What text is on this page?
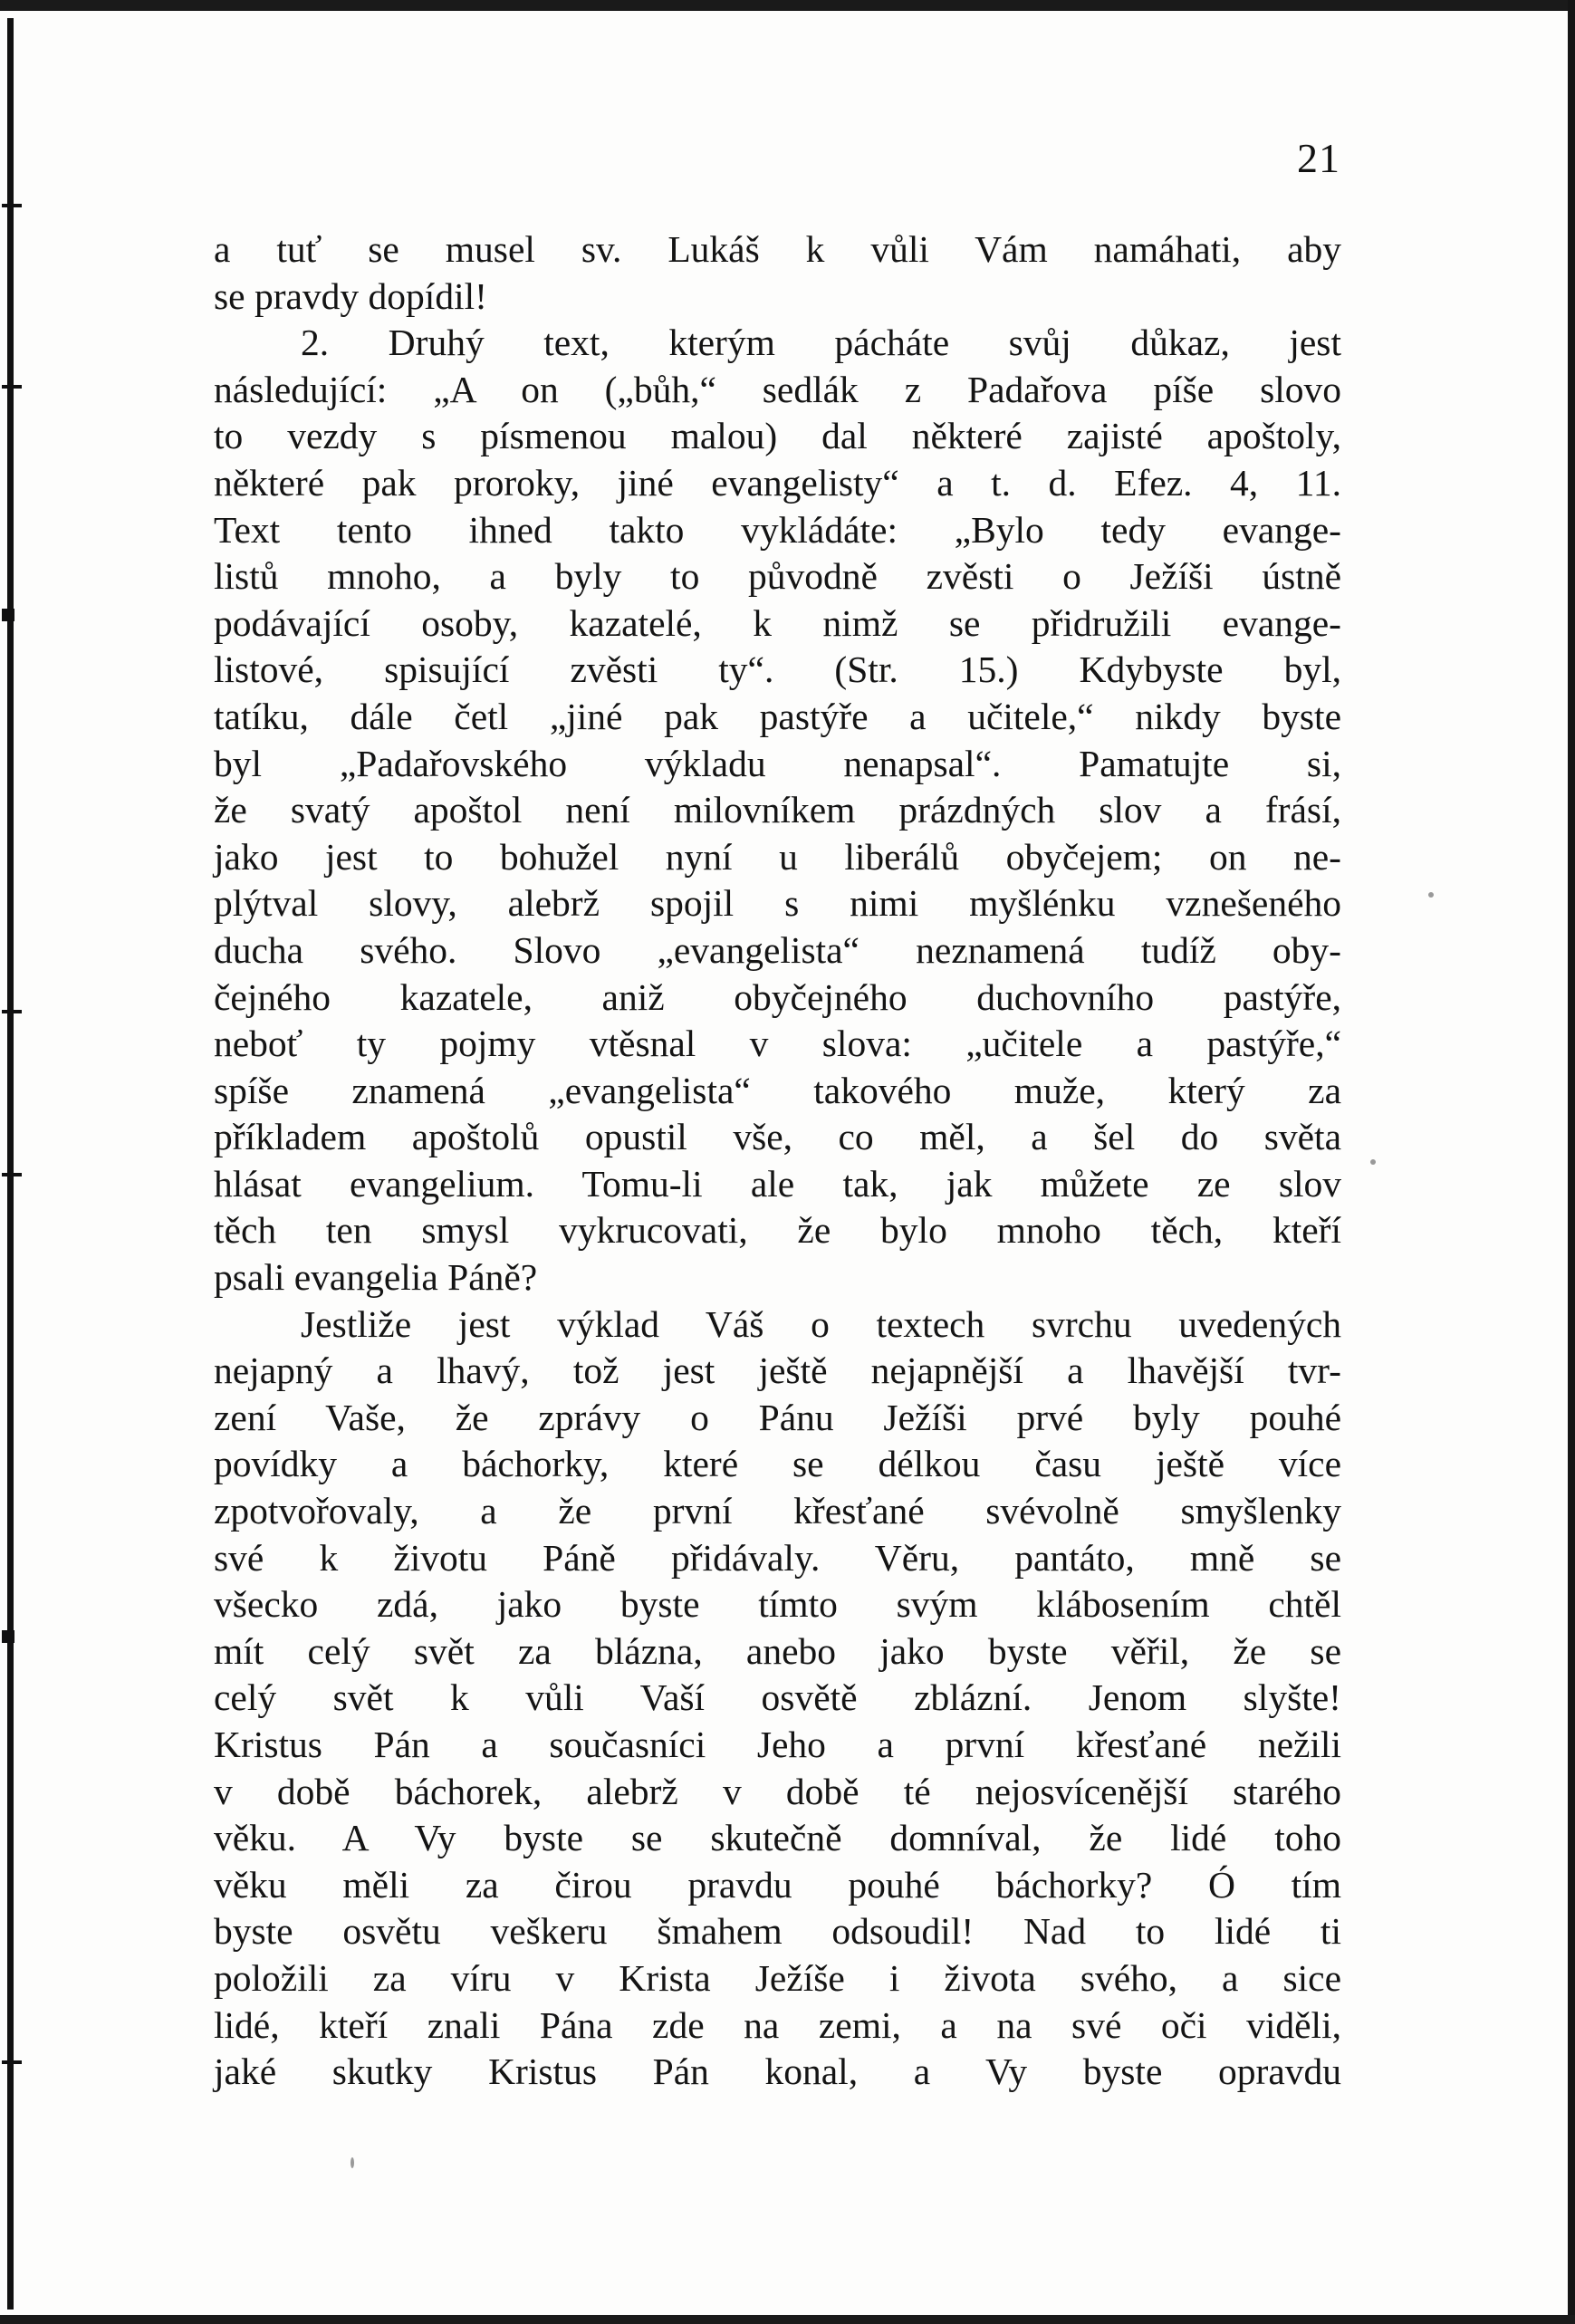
21
a tuť se musel sv. Lukáš k vůli Vám namáhati, aby
se pravdy dopídil!
2. Druhý text, kterým pácháte svůj důkaz, jest
následující: „A on („bůh,“ sedlák z Padařova píše slovo
to vezdy s písmenou malou) dal některé zajisté apoštoly,
některé pak proroky, jiné evangelisty“ a t. d. Efez. 4, 11.
Text tento ihned takto vykládáte: „Bylo tedy evange-
listů mnoho, a byly to původně zvěsti o Ježíši ústně
podávající osoby, kazatelé, k nimž se přidružili evange-
listové, spisující zvěsti ty“. (Str. 15.) Kdybyste byl,
tatíku, dále četl „jiné pak pastýře a učitele,“ nikdy byste
byl „Padařovského výkladu nenapsal“. Pamatujte si,
že svatý apoštol není milovníkem prázdných slov a frásí,
jako jest to bohužel nyní u liberálů obyčejem; on ne-
plýtval slovy, alebrž spojil s nimi myšlénku vznešeného
ducha svého. Slovo „evangelista“ neznamená tudíž oby-
čejného kazatele, aniž obyčejného duchovního pastýře,
neboť ty pojmy vtěsnal v slova: „učitele a pastýře,“
spíše znamená „evangelista“ takového muže, který za
příkladem apoštolů opustil vše, co měl, a šel do světa
hlásat evangelium. Tomu-li ale tak, jak můžete ze slov
těch ten smysl vykrucovati, že bylo mnoho těch, kteří
psali evangelia Páně?
Jestliže jest výklad Váš o textech svrchu uvedených
nejapný a lhavý, tož jest ještě nejapnější a lhavější tvr-
zení Vaše, že zprávy o Pánu Ježíši prvé byly pouhé
povídky a báchorky, které se délkou času ještě více
zpotvořovaly, a že první křesťané svévolně smyšlenky
své k životu Páně přidávaly. Věru, pantáto, mně se
všecko zdá, jako byste tímto svým klábosením chtěl
mít celý svět za blázna, anebo jako byste věřil, že se
celý svět k vůli Vaší osvětě zblázní. Jenom slyšte!
Kristus Pán a současníci Jeho a první křesťané nežili
v době báchorek, alebrž v době té nejosvícenější starého
věku. A Vy byste se skutečně domníval, že lidé toho
věku měli za čirou pravdu pouhé báchorky? Ó tím
byste osvětu veškeru šmahem odsoudil! Nad to lidé ti
položili za víru v Krista Ježíše i života svého, a sice
lidé, kteří znali Pána zde na zemi, a na své oči viděli,
jaké skutky Kristus Pán konal, a Vy byste opravdu
